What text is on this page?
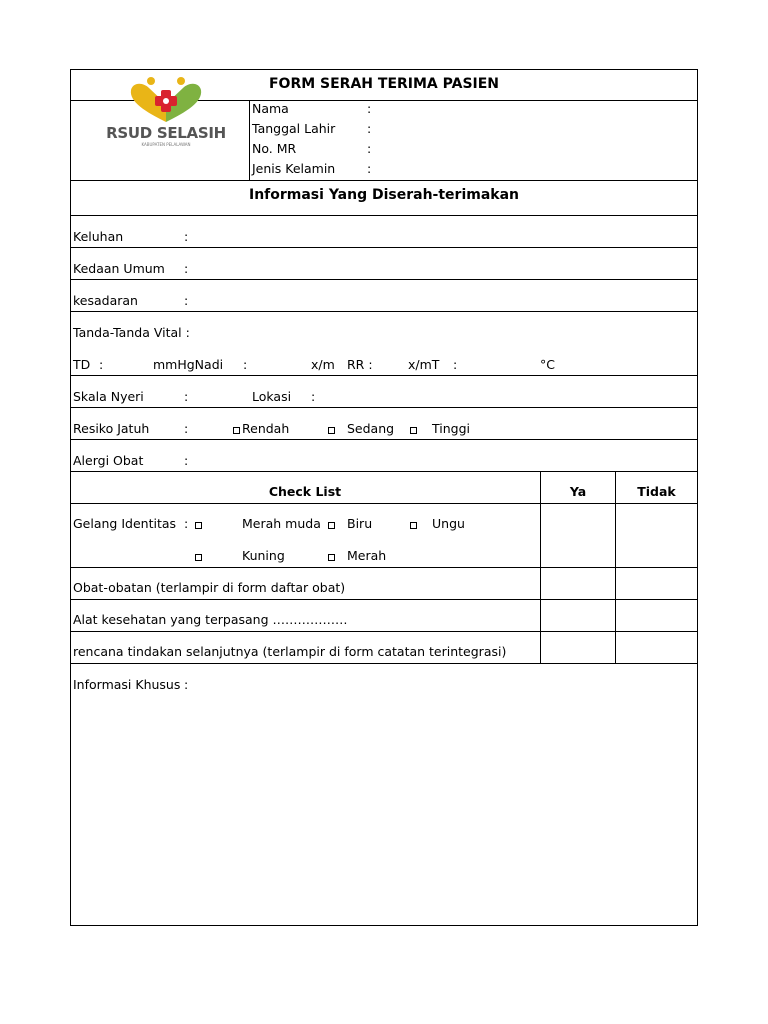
FORM SERAH TERIMA PASIEN
RSUD SELASIH
KABUPATEN PELALAWAN
Nama	:
Tanggal Lahir	:
No. MR	:
Jenis Kelamin	:
Informasi Yang Diserah-terimakan
Keluhan	:
Kedaan Umum :
kesadaran	:
Tanda-Tanda Vital :
TD :	mmHgNadi :	x/m RR :	x/mT :	°C
Skala Nyeri	:	Lokasi :
Resiko Jatuh	:	Rendah	Sedang	Tinggi
Alergi Obat	:
Check List	Ya	Tidak
Gelang Identitas :	Merah muda Biru	Ungu
Kuning	Merah
Obat-obatan (terlampir di form daftar obat)
Alat kesehatan yang terpasang ………………
rencana tindakan selanjutnya (terlampir di form catatan terintegrasi)
Informasi Khusus :
